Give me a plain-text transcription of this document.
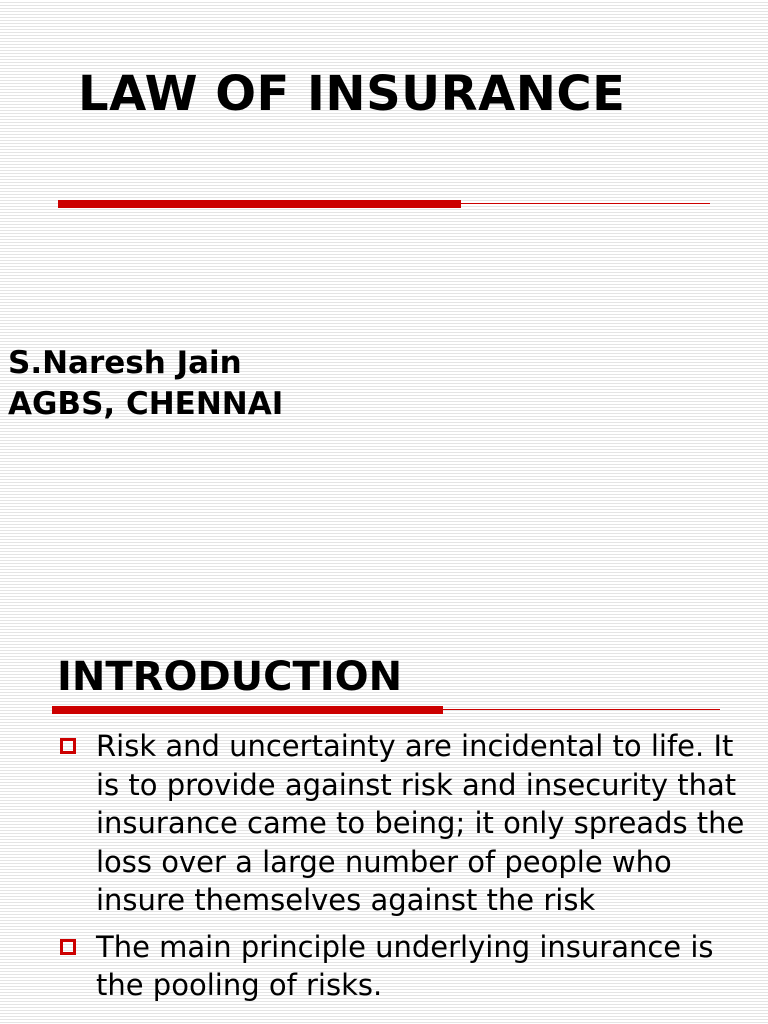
LAW OF INSURANCE

S.Naresh Jain
AGBS, CHENNAI

INTRODUCTION
Risk and uncertainty are incidental to life. It is to provide against risk and insecurity that insurance came to being; it only spreads the loss over a large number of people who insure themselves against the risk
The main principle underlying insurance is the pooling of risks.
